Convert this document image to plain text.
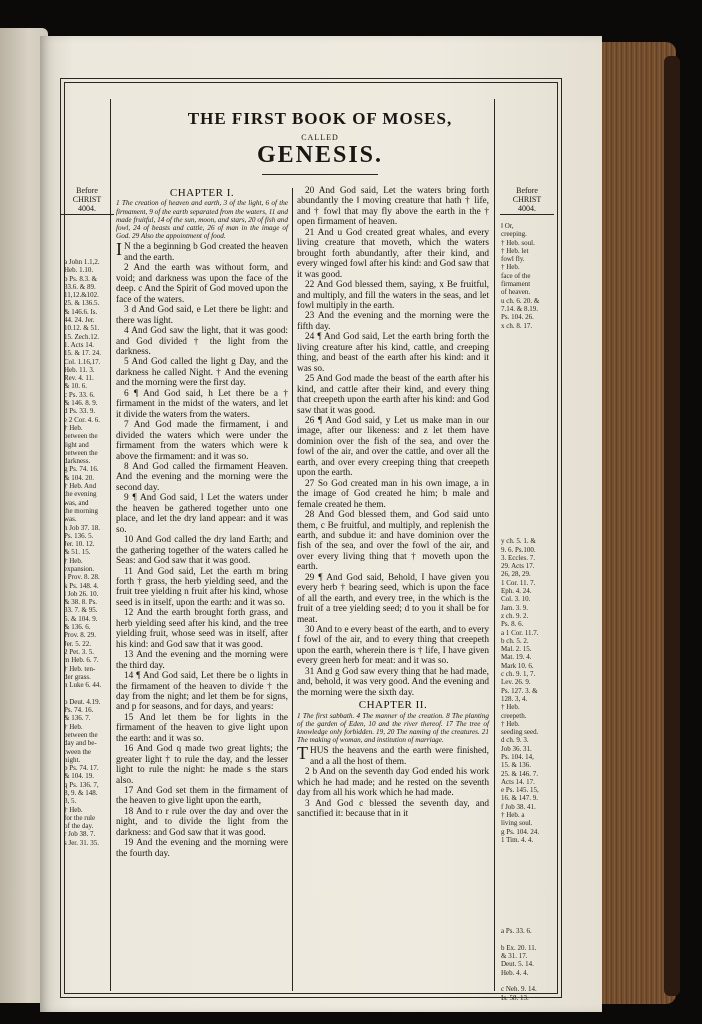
THE FIRST BOOK OF MOSES,
CALLED
GENESIS.
Before
CHRIST

4004.
Before
CHRIST

4004.
a John 1.1,2.
Heb. 1.10.
b Ps. 8.3. &
33.6. & 89.
11,12.&102.
25. & 136.5.
& 146.6. Is.
44. 24. Jer.
10.12. & 51.
15. Zech.12.
1. Acts 14.
15. & 17. 24.
Col. 1.16,17.
Heb. 11. 3.
Rev. 4. 11.
& 10. 6.
c Ps. 33. 6.
& 146. 8. 9.
d Ps. 33. 9.
e 2 Cor. 4. 6.
† Heb.
between the
light and
between the
darkness.
g Ps. 74. 16.
& 104. 20.
† Heb. And
the evening
was, and
the morning
was.
h Job 37. 18.
Ps. 136. 5.
Jer. 10. 12.
& 51. 15.
† Heb.
expansion.
i Prov. 8. 28.
k Ps. 148. 4.
l Job 26. 10.
& 38. 8. Ps.
33. 7. & 95.
5. & 104. 9.
& 136. 6.
Prov. 8. 29.
Jer. 5. 22.
2 Pet. 3. 5.
m Heb. 6. 7.
† Heb. ten-
der grass.
n Luke 6. 44.

o Deut. 4.19.
Ps. 74. 16.
& 136. 7.
† Heb.
between the
day and be-
tween the
night.
p Ps. 74. 17.
& 104. 19.
q Ps. 136. 7,
8, 9. & 148.
3, 5.
† Heb.
for the rule
of the day.
r Job 38. 7.
s Jer. 31. 35.
‖ Or,
creeping.
† Heb. soul.
† Heb. let
fowl fly.
† Heb.
face of the
firmament
of heaven.
u ch. 6. 20. &
7.14. & 8.19.
Ps. 104. 26.
x ch. 8. 17.

y ch. 5. 1. &
9. 6. Ps.100.
3. Eccles. 7.
29. Acts 17.
26, 28, 29.
1 Cor. 11. 7.
Eph. 4. 24.
Col. 3. 10.
Jam. 3. 9.
z ch. 9. 2.
Ps. 8. 6.
a 1 Cor. 11.7.
b ch. 5. 2.
Mal. 2. 15.
Mat. 19. 4.
Mark 10. 6.
c ch. 9. 1, 7.
Lev. 26. 9.
Ps. 127. 3. &
128. 3, 4.
† Heb.
creepeth.
† Heb.
seeding seed.
d ch. 9. 3.
Job 36. 31.
Ps. 104. 14,
15. & 136.
25. & 146. 7.
Acts 14. 17.
e Ps. 145. 15,
16. & 147. 9.
f Job 38. 41.
† Heb. a
living soul.
g Ps. 104. 24.
1 Tim. 4. 4.

a Ps. 33. 6.

b Ex. 20. 11.
& 31. 17.
Deut. 5. 14.
Heb. 4. 4.

c Neh. 9. 14.
Is. 58. 13.
CHAPTER I.

1 The creation of heaven and earth, 3 of the light, 6 of the firmament, 9 of the earth separated from the waters, 11 and made fruitful, 14 of the sun, moon, and stars, 20 of fish and fowl, 24 of beasts and cattle, 26 of man in the image of God. 29 Also the appointment of food.

I N the a beginning b God created the heaven and the earth.

2 And the earth was without form, and void; and darkness was upon the face of the deep. c And the Spirit of God moved upon the face of the waters.

3 d And God said, e Let there be light: and there was light.

4 And God saw the light, that it was good: and God divided † the light from the darkness.

5 And God called the light g Day, and the darkness he called Night. † And the evening and the morning were the first day.

6 ¶ And God said, h Let there be a † firmament in the midst of the waters, and let it divide the waters from the waters.

7 And God made the firmament, i and divided the waters which were under the firmament from the waters which were k above the firmament: and it was so.

8 And God called the firmament Heaven. And the evening and the morning were the second day.

9 ¶ And God said, l Let the waters under the heaven be gathered together unto one place, and let the dry land appear: and it was so.

10 And God called the dry land Earth; and the gathering together of the waters called he Seas: and God saw that it was good.

11 And God said, Let the earth m bring forth † grass, the herb yielding seed, and the fruit tree yielding n fruit after his kind, whose seed is in itself, upon the earth: and it was so.

12 And the earth brought forth grass, and herb yielding seed after his kind, and the tree yielding fruit, whose seed was in itself, after his kind: and God saw that it was good.

13 And the evening and the morning were the third day.

14 ¶ And God said, Let there be o lights in the firmament of the heaven to divide † the day from the night; and let them be for signs, and p for seasons, and for days, and years:

15 And let them be for lights in the firmament of the heaven to give light upon the earth: and it was so.

16 And God q made two great lights; the greater light † to rule the day, and the lesser light to rule the night: he made s the stars also.

17 And God set them in the firmament of the heaven to give light upon the earth,

18 And to r rule over the day and over the night, and to divide the light from the darkness: and God saw that it was good.

19 And the evening and the morning were the fourth day.

20 And God said, Let the waters bring forth abundantly the ‖ moving creature that hath † life, and † fowl that may fly above the earth in the † open firmament of heaven.

21 And u God created great whales, and every living creature that moveth, which the waters brought forth abundantly, after their kind, and every winged fowl after his kind: and God saw that it was good.

22 And God blessed them, saying, x Be fruitful, and multiply, and fill the waters in the seas, and let fowl multiply in the earth.

23 And the evening and the morning were the fifth day.

24 ¶ And God said, Let the earth bring forth the living creature after his kind, cattle, and creeping thing, and beast of the earth after his kind: and it was so.

25 And God made the beast of the earth after his kind, and cattle after their kind, and every thing that creepeth upon the earth after his kind: and God saw that it was good.

26 ¶ And God said, y Let us make man in our image, after our likeness: and z let them have dominion over the fish of the sea, and over the fowl of the air, and over the cattle, and over all the earth, and over every creeping thing that creepeth upon the earth.

27 So God created man in his own image, a in the image of God created he him; b male and female created he them.

28 And God blessed them, and God said unto them, c Be fruitful, and multiply, and replenish the earth, and subdue it: and have dominion over the fish of the sea, and over the fowl of the air, and over every living thing that † moveth upon the earth.

29 ¶ And God said, Behold, I have given you every herb † bearing seed, which is upon the face of all the earth, and every tree, in the which is the fruit of a tree yielding seed; d to you it shall be for meat.

30 And to e every beast of the earth, and to every f fowl of the air, and to every thing that creepeth upon the earth, wherein there is † life, I have given every green herb for meat: and it was so.

31 And g God saw every thing that he had made, and, behold, it was very good. And the evening and the morning were the sixth day.

CHAPTER II.

1 The first sabbath. 4 The manner of the creation. 8 The planting of the garden of Eden, 10 and the river thereof. 17 The tree of knowledge only forbidden. 19, 20 The naming of the creatures. 21 The making of woman, and institution of marriage.

THUS the heavens and the earth were finished, and a all the host of them.

2 b And on the seventh day God ended his work which he had made; and he rested on the seventh day from all his work which he had made.

3 And God c blessed the seventh day, and sanctified it: because that in it
